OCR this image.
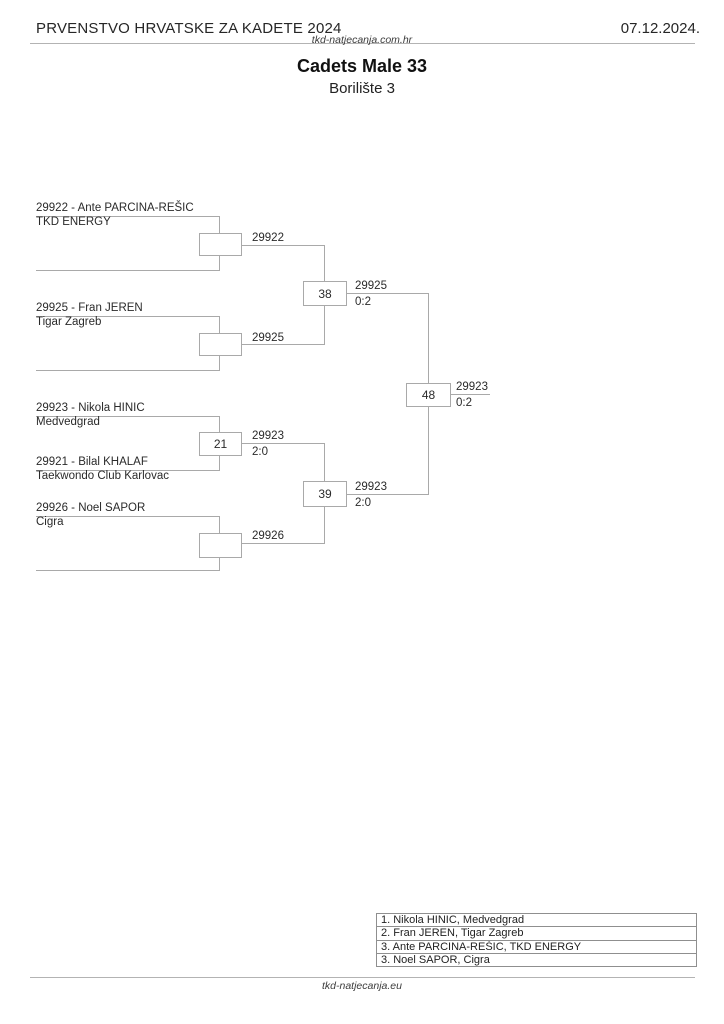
PRVENSTVO HRVATSKE ZA KADETE 2024	07.12.2024.
tkd-natjecanja.com.hr
Cadets Male 33
Borilište 3
21
38
39
48
29922 - Ante PARCINA-REŠIC
TKD ENERGY
29925 - Fran JEREN
Tigar Zagreb
29923 - Nikola HINIC
Medvedgrad
29921 - Bilal KHALAF
Taekwondo Club Karlovac
29926 - Noel SAPOR
Cigra
29922
29925
29923
2:0
29926
29925
0:2
29923
2:0
29923
0:2
1. Nikola HINIC, Medvedgrad
2. Fran JEREN, Tigar Zagreb
3. Ante PARCINA-REŠIC, TKD ENERGY
3. Noel SAPOR, Cigra
tkd-natjecanja.eu
